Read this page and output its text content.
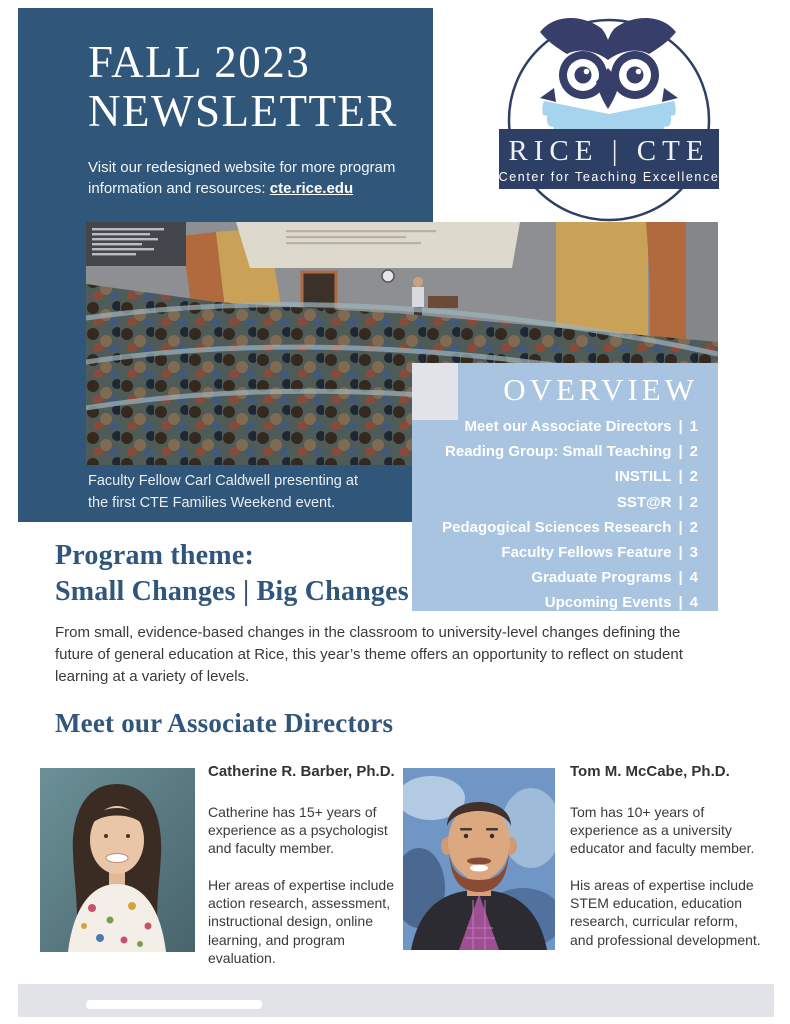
FALL 2023
NEWSLETTER
Visit our redesigned website for more program information and resources: cte.rice.edu
RICE | CTE
Center for Teaching Excellence
Faculty Fellow Carl Caldwell presenting at
the first CTE Families Weekend event.
OVERVIEW
Meet our Associate Directors | 1
Reading Group: Small Teaching | 2
INSTILL | 2
SST@R | 2
Pedagogical Sciences Research | 2
Faculty Fellows Feature | 3
Graduate Programs | 4
Upcoming Events | 4
Program theme:
Small Changes | Big Changes
From small, evidence-based changes in the classroom to university-level changes defining the future of general education at Rice, this year’s theme offers an opportunity to reflect on student learning at a variety of levels.
Meet our Associate Directors
Catherine R. Barber, Ph.D.
Catherine has 15+ years of experience as a psychologist and faculty member.
Her areas of expertise include action research, assessment, instructional design, online learning, and program evaluation.
Tom M. McCabe, Ph.D.
Tom has 10+ years of experience as a university educator and faculty member.
His areas of expertise include STEM education, education research, curricular reform, and professional development.
